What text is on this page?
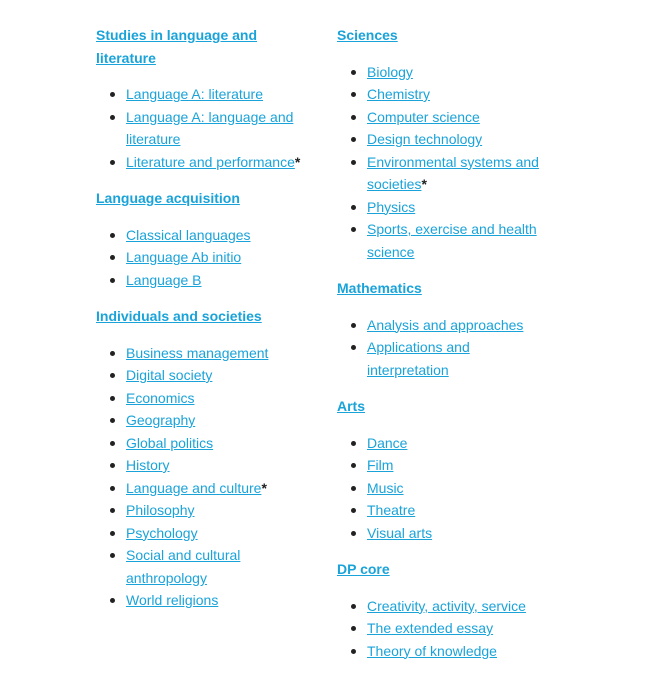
Studies in language and literature
Language A: literature
Language A: language and literature
Literature and performance*
Language acquisition
Classical languages
Language Ab initio
Language B
Individuals and societies
Business management
Digital society
Economics
Geography
Global politics
History
Language and culture*
Philosophy
Psychology
Social and cultural anthropology
World religions
Sciences
Biology
Chemistry
Computer science
Design technology
Environmental systems and societies*
Physics
Sports, exercise and health science
Mathematics
Analysis and approaches
Applications and interpretation
Arts
Dance
Film
Music
Theatre
Visual arts
DP core
Creativity, activity, service
The extended essay
Theory of knowledge
